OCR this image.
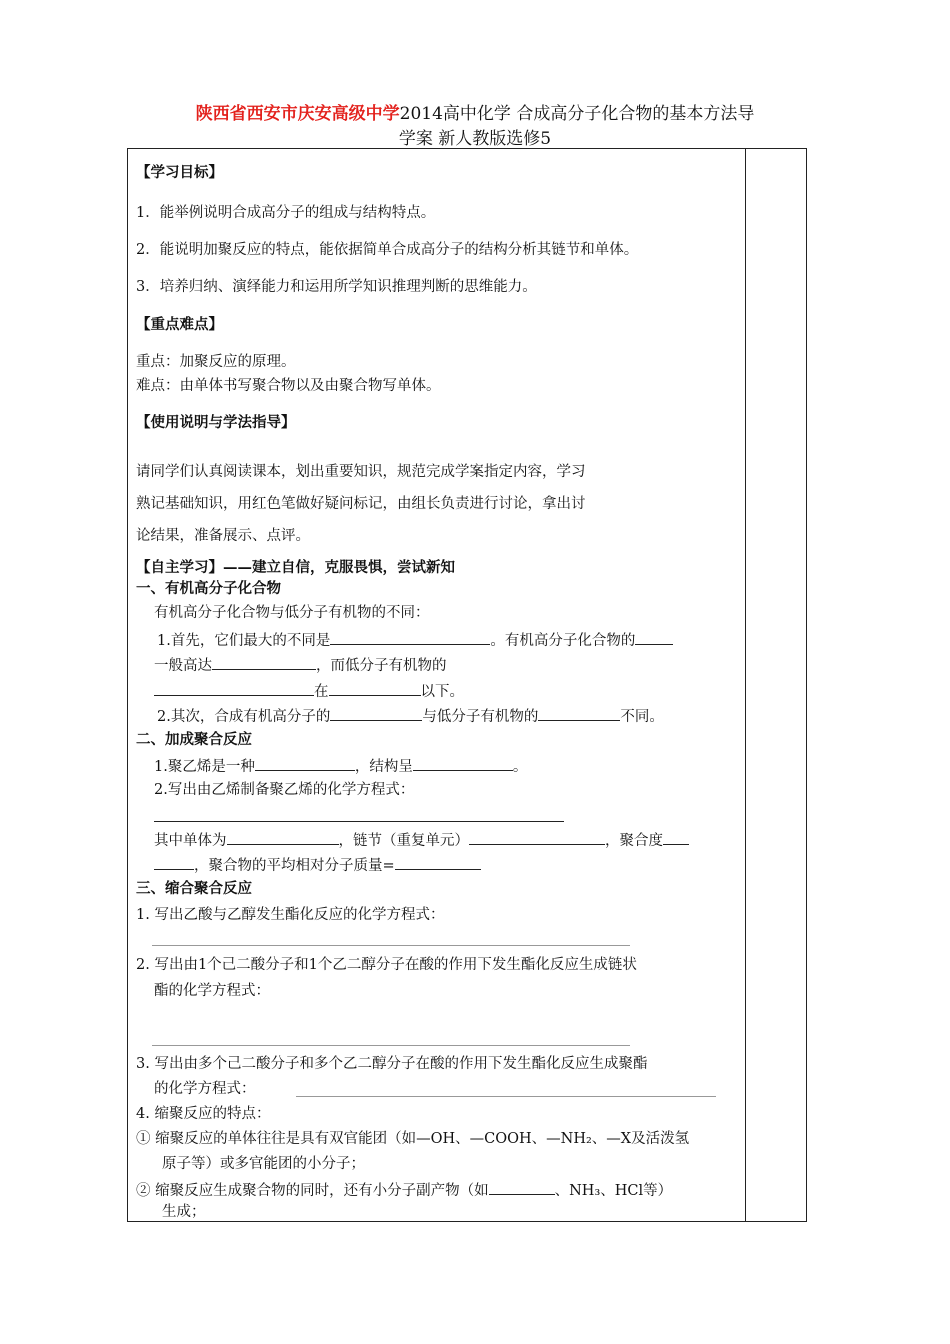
陕西省西安市庆安高级中学2014高中化学 合成高分子化合物的基本方法导
学案 新人教版选修5
【学习目标】
1．能举例说明合成高分子的组成与结构特点。
2．能说明加聚反应的特点，能依据简单合成高分子的结构分析其链节和单体。
3．培养归纳、演绎能力和运用所学知识推理判断的思维能力。
【重点难点】
重点：加聚反应的原理。
难点：由单体书写聚合物以及由聚合物写单体。
【使用说明与学法指导】
请同学们认真阅读课本，划出重要知识，规范完成学案指定内容，学习
熟记基础知识，用红色笔做好疑问标记，由组长负责进行讨论，拿出讨
论结果，准备展示、点评。
【自主学习】——建立自信，克服畏惧，尝试新知
一、有机高分子化合物
有机高分子化合物与低分子有机物的不同：
1.首先，它们最大的不同是	。有机高分子化合物的
一般高达	，而低分子有机物的
在	以下。
2.其次，合成有机高分子的	与低分子有机物的	不同。
二、加成聚合反应
1.聚乙烯是一种	，结构呈	。
2.写出由乙烯制备聚乙烯的化学方程式：
其中单体为	，链节（重复单元）	，聚合度
，聚合物的平均相对分子质量=
三、缩合聚合反应
1. 写出乙酸与乙醇发生酯化反应的化学方程式：
2. 写出由1个己二酸分子和1个乙二醇分子在酸的作用下发生酯化反应生成链状
酯的化学方程式：
3. 写出由多个己二酸分子和多个乙二醇分子在酸的作用下发生酯化反应生成聚酯
的化学方程式：
4. 缩聚反应的特点：
① 缩聚反应的单体往往是具有双官能团（如—OH、—COOH、—NH₂、—X及活泼氢
原子等）或多官能团的小分子；
② 缩聚反应生成聚合物的同时，还有小分子副产物（如	、NH₃、HCl等）
生成；
